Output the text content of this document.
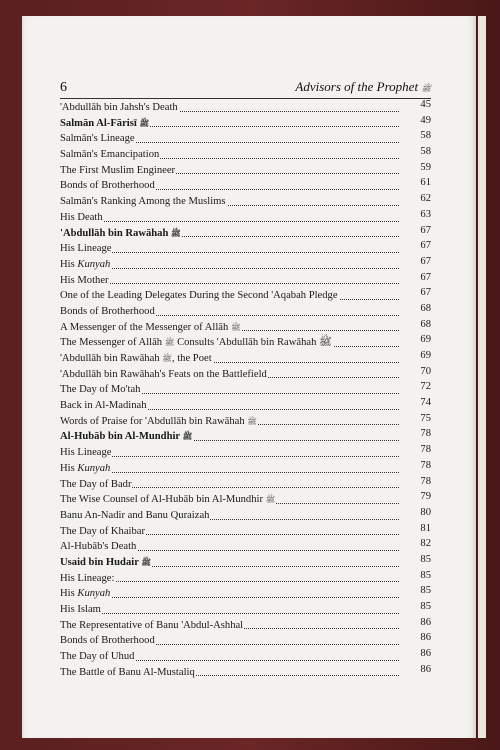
6	Advisors of the Prophet ﷺ
'Abdullāh bin Jahsh's Death	45
Salmān Al-Fārisī ﷺ	49
Salmān's Lineage	58
Salmān's Emancipation	58
The First Muslim Engineer	59
Bonds of Brotherhood	61
Salmān's Ranking Among the Muslims	62
His Death	63
'Abdullāh bin Rawāhah ﷺ	67
His Lineage	67
His Kunyah	67
His Mother	67
One of the Leading Delegates During the Second 'Aqabah Pledge	67
Bonds of Brotherhood	68
A Messenger of the Messenger of Allāh ﷺ	68
The Messenger of Allāh ﷺ Consults 'Abdullāh bin Rawāhah ﷺ	69
'Abdullāh bin Rawāhah ﷺ, the Poet	69
'Abdullāh bin Rawāhah's Feats on the Battlefield	70
The Day of Mo'tah	72
Back in Al-Madinah	74
Words of Praise for 'Abdullāh bin Rawāhah ﷺ	75
Al-Hubāb bin Al-Mundhir ﷺ	78
His Lineage	78
His Kunyah	78
The Day of Badr	78
The Wise Counsel of Al-Hubāb bin Al-Mundhir ﷺ	79
Banu An-Nadir and Banu Quraizah	80
The Day of Khaibar	81
Al-Hubāb's Death	82
Usaid bin Hudair ﷺ	85
His Lineage:	85
His Kunyah	85
His Islam	85
The Representative of Banu 'Abdul-Ashhal	86
Bonds of Brotherhood	86
The Day of Uhud	86
The Battle of Banu Al-Mustaliq	86
